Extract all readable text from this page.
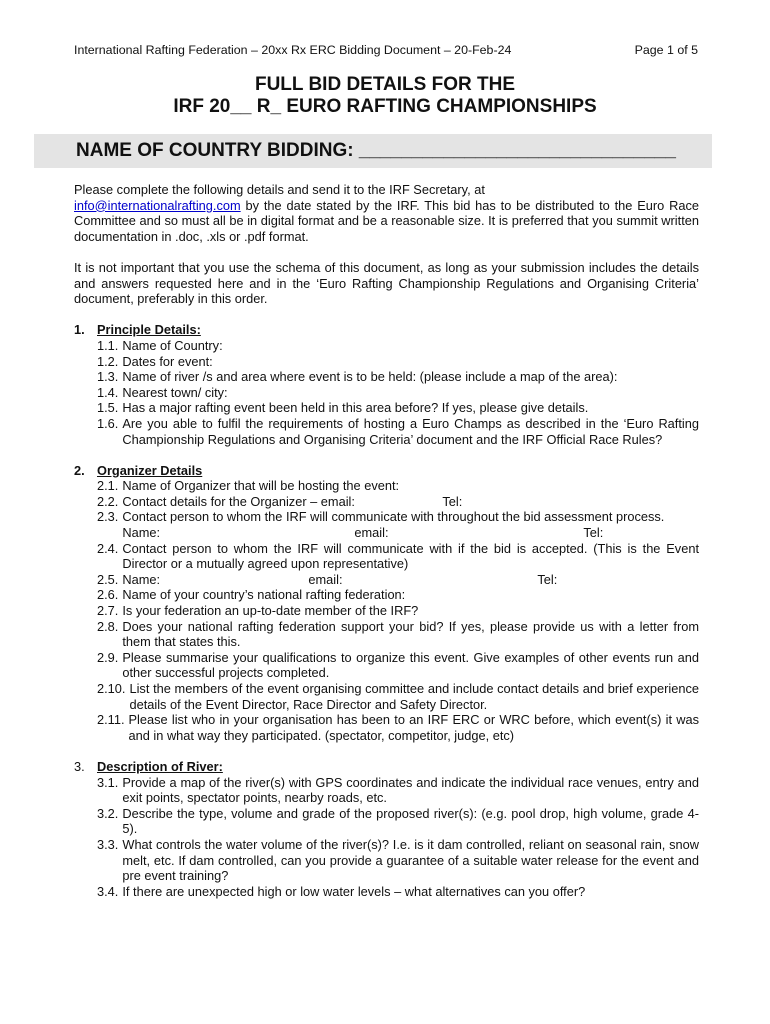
International Rafting Federation – 20xx Rx ERC Bidding Document – 20-Feb-24	Page 1 of 5
FULL BID DETAILS FOR THE
IRF 20__ R_ EURO RAFTING CHAMPIONSHIPS
NAME OF COUNTRY BIDDING: ______________________________

Please complete the following details and send it to the IRF Secretary, at
info@internationalrafting.com by the date stated by the IRF. This bid has to be distributed to the Euro Race Committee and so must all be in digital format and be a reasonable size. It is preferred that you summit written documentation in .doc, .xls or .pdf format.

It is not important that you use the schema of this document, as long as your submission includes the details and answers requested here and in the ‘Euro Rafting Championship Regulations and Organising Criteria’ document, preferably in this order.

1. Principle Details:
1.1. Name of Country:
1.2. Dates for event:
1.3. Name of river /s and area where event is to be held: (please include a map of the area):
1.4. Nearest town/ city:
1.5. Has a major rafting event been held in this area before? If yes, please give details.
1.6. Are you able to fulfil the requirements of hosting a Euro Champs as described in the ‘Euro Rafting Championship Regulations and Organising Criteria’ document and the IRF Official Race Rules?
2. Organizer Details
2.1. Name of Organizer that will be hosting the event:
2.2. Contact details for the Organizer – email:	Tel:
2.3. Contact person to whom the IRF will communicate with throughout the bid assessment process.
Name:	email:	Tel:
2.4. Contact person to whom the IRF will communicate with if the bid is accepted. (This is the Event Director or a mutually agreed upon representative)
2.5. Name:	email:	Tel:
2.6. Name of your country’s national rafting federation:
2.7. Is your federation an up-to-date member of the IRF?
2.8. Does your national rafting federation support your bid? If yes, please provide us with a letter from them that states this.
2.9. Please summarise your qualifications to organize this event. Give examples of other events run and other successful projects completed.
2.10. List the members of the event organising committee and include contact details and brief experience details of the Event Director, Race Director and Safety Director.
2.11. Please list who in your organisation has been to an IRF ERC or WRC before, which event(s) it was and in what way they participated. (spectator, competitor, judge, etc)
3. Description of River:
3.1. Provide a map of the river(s) with GPS coordinates and indicate the individual race venues, entry and exit points, spectator points, nearby roads, etc.
3.2. Describe the type, volume and grade of the proposed river(s): (e.g. pool drop, high volume, grade 4-5).
3.3. What controls the water volume of the river(s)? I.e. is it dam controlled, reliant on seasonal rain, snow melt, etc. If dam controlled, can you provide a guarantee of a suitable water release for the event and pre event training?
3.4. If there are unexpected high or low water levels – what alternatives can you offer?
